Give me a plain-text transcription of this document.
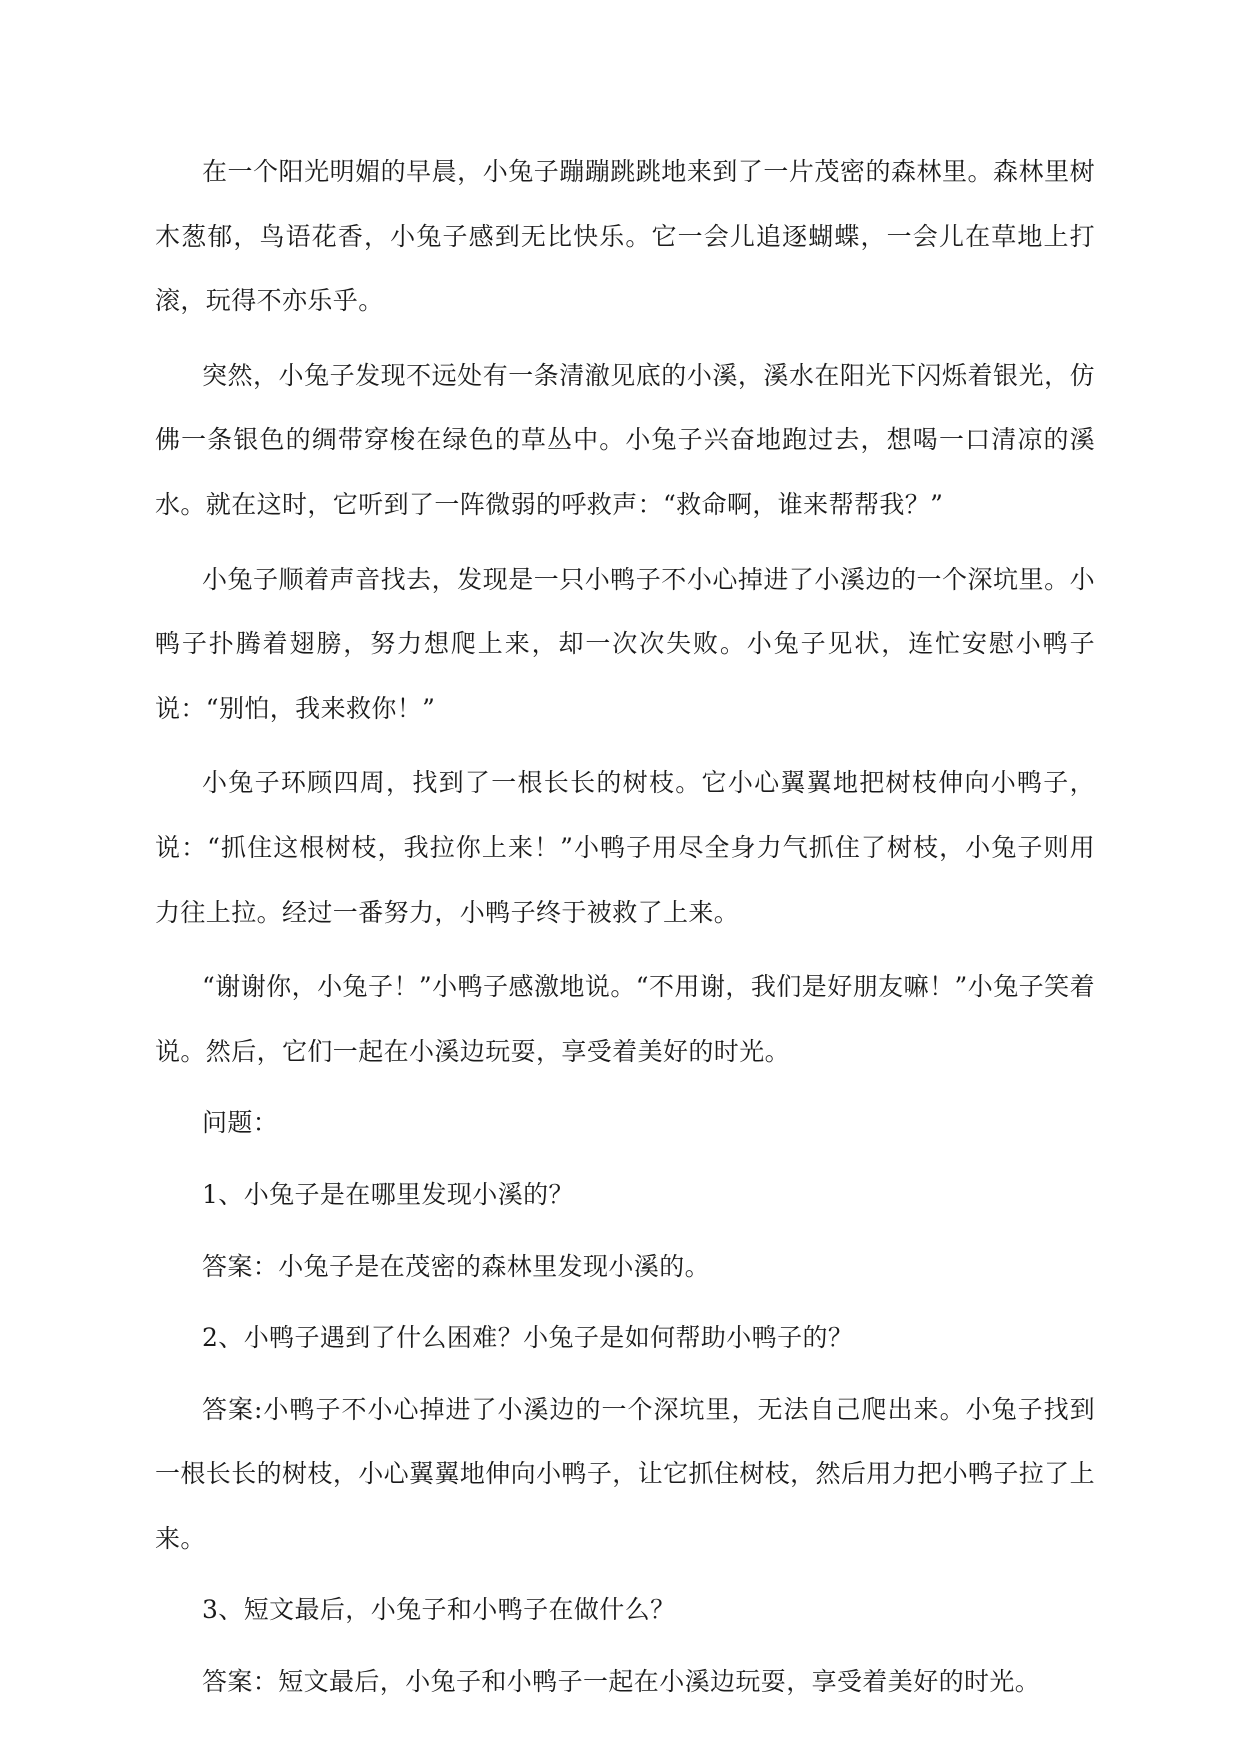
在一个阳光明媚的早晨，小兔子蹦蹦跳跳地来到了一片茂密的森林里。森林里树木葱郁，鸟语花香，小兔子感到无比快乐。它一会儿追逐蝴蝶，一会儿在草地上打滚，玩得不亦乐乎。

突然，小兔子发现不远处有一条清澈见底的小溪，溪水在阳光下闪烁着银光，仿佛一条银色的绸带穿梭在绿色的草丛中。小兔子兴奋地跑过去，想喝一口清凉的溪水。就在这时，它听到了一阵微弱的呼救声：“救命啊，谁来帮帮我？”

小兔子顺着声音找去，发现是一只小鸭子不小心掉进了小溪边的一个深坑里。小鸭子扑腾着翅膀，努力想爬上来，却一次次失败。小兔子见状，连忙安慰小鸭子说：“别怕，我来救你！”

小兔子环顾四周，找到了一根长长的树枝。它小心翼翼地把树枝伸向小鸭子，说：“抓住这根树枝，我拉你上来！”小鸭子用尽全身力气抓住了树枝，小兔子则用力往上拉。经过一番努力，小鸭子终于被救了上来。

“谢谢你，小兔子！”小鸭子感激地说。“不用谢，我们是好朋友嘛！”小兔子笑着说。然后，它们一起在小溪边玩耍，享受着美好的时光。

问题：

1、小兔子是在哪里发现小溪的？

答案：小兔子是在茂密的森林里发现小溪的。

2、小鸭子遇到了什么困难？小兔子是如何帮助小鸭子的？

答案:小鸭子不小心掉进了小溪边的一个深坑里，无法自己爬出来。小兔子找到一根长长的树枝，小心翼翼地伸向小鸭子，让它抓住树枝，然后用力把小鸭子拉了上来。

3、短文最后，小兔子和小鸭子在做什么？

答案：短文最后，小兔子和小鸭子一起在小溪边玩耍，享受着美好的时光。
